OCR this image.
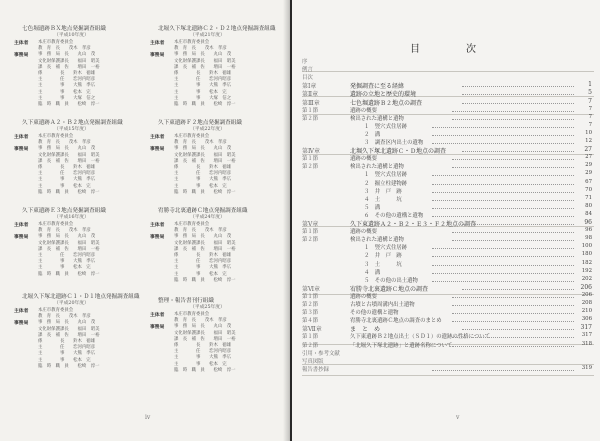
七色堀遺跡ＢＸ地点発掘調査組織
（平成10年度）
主体者 本庄市教育委員会
教　育　長　　茂木　孝彦
事務局 事　務　局　長　　丸山　茂
文化財保護課長　　福田　昭美
課　長　補　佐　　増田　一裕
係　　　　長　　鈴木　徳雄
主　　　　任　　恋河内昭彦
主　　　　事　　大熊　季広
主　　　　事　　松本　完
主　　　　事　　大塚　信之
臨　時　職　員　　松崎　淳一
久下東遺跡Ａ２・Ｂ２地点発掘調査組織
（平成15年度）
主体者 本庄市教育委員会
教　育　長　　茂木　孝彦
事務局 事　務　局　長　　丸山　茂
文化財保護課長　　福田　昭美
課　長　補　佐　　増田　一裕
係　　　　長　　鈴木　徳雄
主　　　　任　　恋河内昭彦
主　　　　事　　大熊　季広
主　　　　事　　松本　完
臨　時　職　員　　松崎　淳一
久下東遺跡Ｅ３地点発掘調査組織
（平成16年度）
主体者 本庄市教育委員会
教　育　長　　茂木　孝彦
事務局 事　務　局　長　　丸山　茂
文化財保護課長　　福田　昭美
課　長　補　佐　　増田　一裕
主　　　　任　　恋河内昭彦
主　　　　事　　大熊　季広
主　　　　事　　松本　完
臨　時　職　員　　松崎　淳一
北堀久下塚北遺跡Ｃ１・Ｄ１地点発掘調査組織
（平成20年度）
主体者 本庄市教育委員会
教　育　長　　茂木　孝彦
事務局 事　務　局　長　　丸山　茂
文化財保護課長　　福田　昭美
課　長　補　佐　　増田　一裕
係　　　　長　　鈴木　徳雄
主　　　　任　　恋河内昭彦
主　　　　事　　大熊　季広
主　　　　事　　松本　完
臨　時　職　員　　松崎　淳一
北堀久下塚北遺跡Ｃ２・Ｄ２地点発掘調査組織
（平成21年度）
主体者 本庄市教育委員会
教　育　長　　茂木　孝彦
事務局 事　務　局　長　　丸山　茂
文化財保護課長　　福田　昭美
課　長　補　佐　　増田　一裕
係　　　　長　　鈴木　徳雄
主　　　　任　　恋河内昭彦
主　　　　事　　大熊　季広
主　　　　事　　松本　完
主　　　　事　　大塚　信之
臨　時　職　員　　松崎　淳一
久下東遺跡Ｆ２地点発掘調査組織
（平成22年度）
主体者 本庄市教育委員会
教　育　長　　茂木　孝彦
事務局 事　務　局　長　　丸山　茂
文化財保護課長　　福田　昭美
課　長　補　佐　　増田　一裕
係　　　　長　　鈴木　徳雄
主　　　　任　　恋河内昭彦
主　　　　事　　大熊　季広
主　　　　事　　松本　完
臨　時　職　員　　松崎　淳一
宥勝寺北裏遺跡Ｃ地点発掘調査組織
（平成24年度）
主体者 本庄市教育委員会
教　育　長　　茂木　孝彦
事務局 事　務　局　長　　丸山　茂
文化財保護課長　　福田　昭美
課　長　補　佐　　増田　一裕
係　　　　長　　鈴木　徳雄
主　　　　任　　恋河内昭彦
主　　　　事　　大熊　季広
主　　　　事　　松本　完
臨　時　職　員　　松崎　淳一
整理・報告書刊行組織
（平成25年度）
主体者 本庄市教育委員会
教　育　長　　茂木　孝彦
事務局 事　務　局　長　　丸山　茂
文化財保護課長　　福田　昭美
課　長　補　佐　　増田　一裕
係　　　　長　　鈴木　徳雄
主　　　　任　　恋河内昭彦
主　　　　事　　大熊　季広
主　　　　事　　松本　完
臨　時　職　員　　松崎　淳一
iv
目　次
序
例言
目次
第Ⅰ章	発掘調査に至る経緯	1
第Ⅱ章	遺跡の立地と歴史的環境	5
第Ⅲ章	七色堀遺跡Ｂ２地点の調査	7
第１節	遺跡の概要	7
第２節	検出された遺構と遺物	7
１　竪穴式住居跡	7
２　溝	10
３　調査区内出土の遺物	12
第Ⅳ章	北堀久下塚北遺跡Ｃ・Ｄ地点の調査	27
第１節	遺跡の概要	27
第２節	検出された遺構と遺物	29
１　竪穴式住居跡	29
２　掘立柱建物跡	67
３　井　戸　跡	70
４　土　　　坑	71
５　溝	80
６　その他の遺構と遺物	84
第Ⅴ章	久下東遺跡Ａ２・Ｂ２・Ｅ３・Ｆ２地点の調査	96
第１節	遺跡の概要	96
第２節	検出された遺構と遺物	98
１　竪穴式住居跡	100
２　井　戸　跡	180
３　土　　　坑	182
４　溝	192
５　その他の出土遺物	202
第Ⅵ章	宥勝寺北裏遺跡Ｃ地点の調査	206
第１節	遺跡の概要	206
第２節	古墳と古墳周溝内出土遺物	208
第３節	その他の遺構と遺物	210
第４節	宥勝寺北裏遺跡Ｃ地点の調査のまとめ	306
第Ⅶ章	ま　と　め	317
第１節	久下東遺跡Ｂ２地点出土（ＳＤ１）の遺跡の性格について	317
第２節	「北堀久下塚北遺跡」と遺跡名称について	318
引用・参考文献
写真図版
報告書抄録	319
v
